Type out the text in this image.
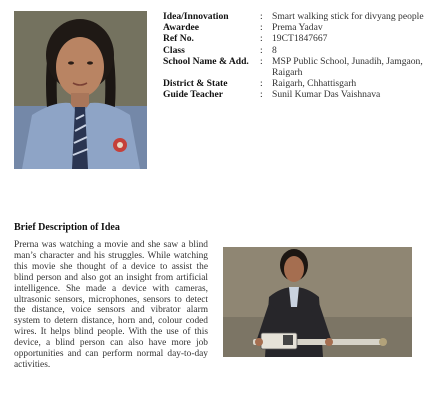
Idea/Innovation	: Smart walking stick for divyang people
Awardee	: Prema Yadav
Ref No.	: 19CT1847667
Class	: 8
School Name & Add.	: MSP Public School, Junadih, Jamgaon, Raigarh
District & State	: Raigarh, Chhattisgarh
Guide Teacher	: Sunil Kumar Das Vaishnava
Brief Description of Idea
Prerna was watching a movie and she saw a blind man’s character and his struggles. While watching this movie she thought of a device to assist the blind person and also got an insight from artificial intelligence. She made a device with cameras, ultrasonic sensors, microphones, sensors to detect the distance, voice sensors and vibrator alarm system to detern distance, horn and, colour coded wires. It helps blind people. With the use of this device, a blind person can also have more job opportunities and can perform normal day-to-day activities.
